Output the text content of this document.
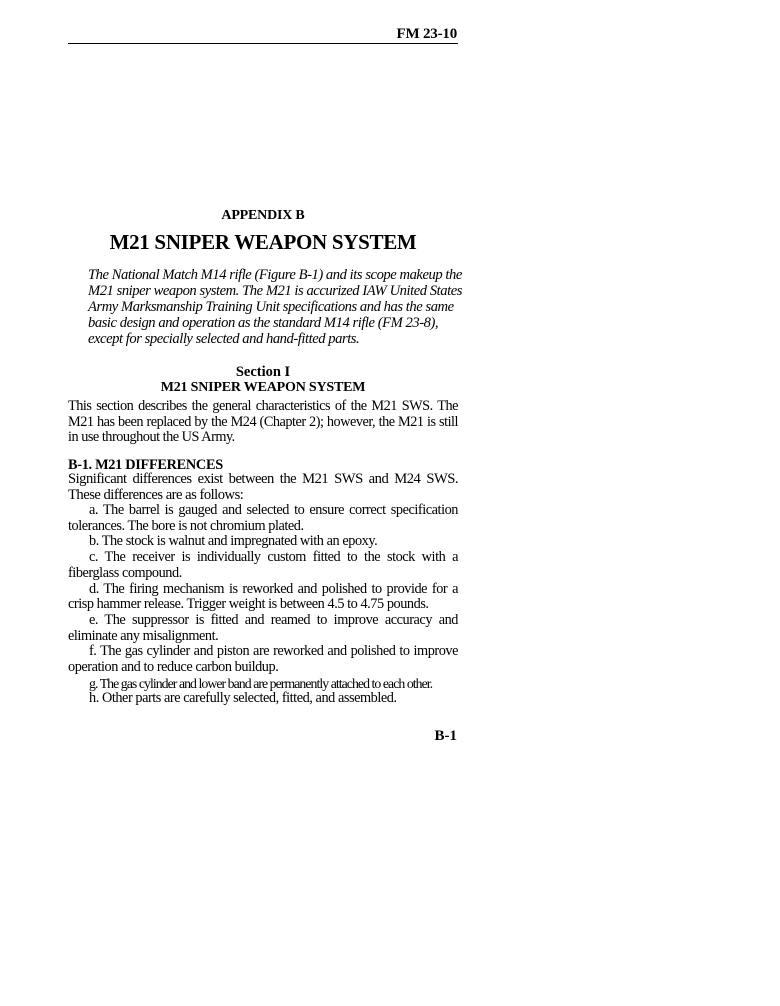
FM 23-10
APPENDIX B
M21 SNIPER WEAPON SYSTEM

The National Match M14 rifle (Figure B-1) and its scope makeup the M21 sniper weapon system. The M21 is accurized IAW United States Army Marksmanship Training Unit specifications and has the same basic design and operation as the standard M14 rifle (FM 23-8), except for specially selected and hand-fitted parts.

Section I
M21 SNIPER WEAPON SYSTEM

This section describes the general characteristics of the M21 SWS. The M21 has been replaced by the M24 (Chapter 2); however, the M21 is still in use throughout the US Army.

B-1. M21 DIFFERENCES

Significant differences exist between the M21 SWS and M24 SWS. These differences are as follows:

a. The barrel is gauged and selected to ensure correct specification tolerances. The bore is not chromium plated.
b. The stock is walnut and impregnated with an epoxy.
c. The receiver is individually custom fitted to the stock with a fiberglass compound.
d. The firing mechanism is reworked and polished to provide for a crisp hammer release. Trigger weight is between 4.5 to 4.75 pounds.
e. The suppressor is fitted and reamed to improve accuracy and eliminate any misalignment.
f. The gas cylinder and piston are reworked and polished to improve operation and to reduce carbon buildup.
g. The gas cylinder and lower band are permanently attached to each other.
h. Other parts are carefully selected, fitted, and assembled.
B-1
